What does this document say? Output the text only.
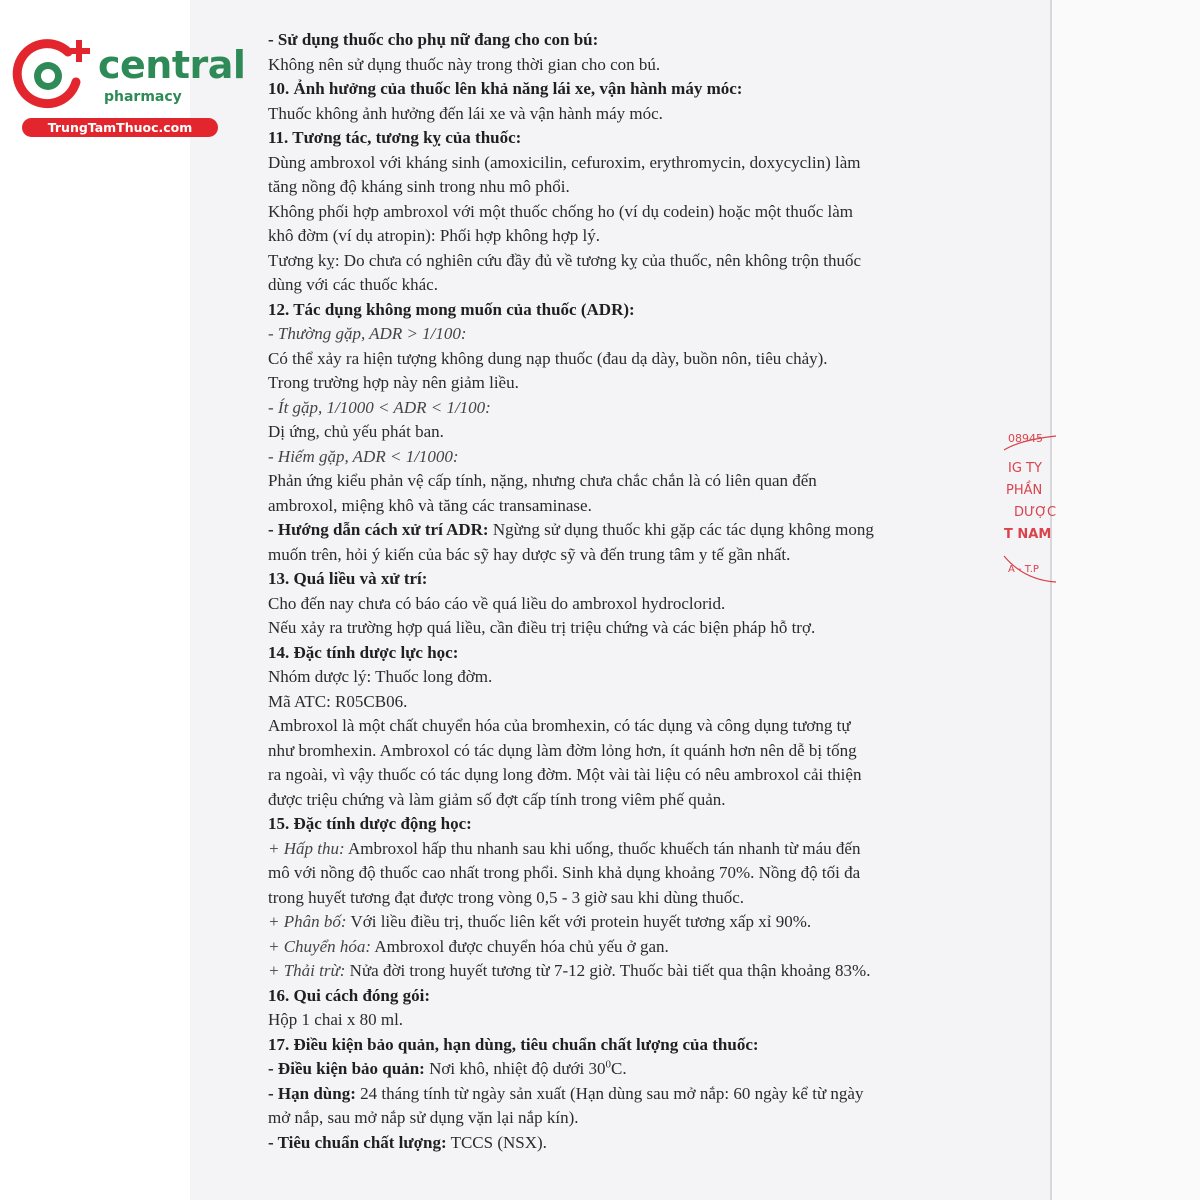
central
pharmacy
TrungTamThuoc.com
08945
IG TY
PHẦN
DƯỢC
T NAM
A - T.P

- Sử dụng thuốc cho phụ nữ đang cho con bú:

Không nên sử dụng thuốc này trong thời gian cho con bú.

10. Ảnh hưởng của thuốc lên khả năng lái xe, vận hành máy móc:

Thuốc không ảnh hưởng đến lái xe và vận hành máy móc.

11. Tương tác, tương kỵ của thuốc:

Dùng ambroxol với kháng sinh (amoxicilin, cefuroxim, erythromycin, doxycyclin) làm

tăng nồng độ kháng sinh trong nhu mô phổi.

Không phối hợp ambroxol với một thuốc chống ho (ví dụ codein) hoặc một thuốc làm

khô đờm (ví dụ atropin): Phối hợp không hợp lý.

Tương kỵ: Do chưa có nghiên cứu đầy đủ về tương kỵ của thuốc, nên không trộn thuốc

dùng với các thuốc khác.

12. Tác dụng không mong muốn của thuốc (ADR):

- Thường gặp, ADR > 1/100:

Có thể xảy ra hiện tượng không dung nạp thuốc (đau dạ dày, buồn nôn, tiêu chảy).

Trong trường hợp này nên giảm liều.

- Ít gặp, 1/1000 < ADR < 1/100:

Dị ứng, chủ yếu phát ban.

- Hiếm gặp, ADR < 1/1000:

Phản ứng kiểu phản vệ cấp tính, nặng, nhưng chưa chắc chắn là có liên quan đến

ambroxol, miệng khô và tăng các transaminase.

- Hướng dẫn cách xử trí ADR: Ngừng sử dụng thuốc khi gặp các tác dụng không mong

muốn trên, hỏi ý kiến của bác sỹ hay dược sỹ và đến trung tâm y tế gần nhất.

13. Quá liều và xử trí:

Cho đến nay chưa có báo cáo về quá liều do ambroxol hydroclorid.

Nếu xảy ra trường hợp quá liều, cần điều trị triệu chứng và các biện pháp hỗ trợ.

14. Đặc tính dược lực học:

Nhóm dược lý: Thuốc long đờm.

Mã ATC: R05CB06.

Ambroxol là một chất chuyển hóa của bromhexin, có tác dụng và công dụng tương tự

như bromhexin. Ambroxol có tác dụng làm đờm lỏng hơn, ít quánh hơn nên dễ bị tống

ra ngoài, vì vậy thuốc có tác dụng long đờm. Một vài tài liệu có nêu ambroxol cải thiện

được triệu chứng và làm giảm số đợt cấp tính trong viêm phế quản.

15. Đặc tính dược động học:

+ Hấp thu: Ambroxol hấp thu nhanh sau khi uống, thuốc khuếch tán nhanh từ máu đến

mô với nồng độ thuốc cao nhất trong phổi. Sinh khả dụng khoảng 70%. Nồng độ tối đa

trong huyết tương đạt được trong vòng 0,5 - 3 giờ sau khi dùng thuốc.

+ Phân bố: Với liều điều trị, thuốc liên kết với protein huyết tương xấp xỉ 90%.

+ Chuyển hóa: Ambroxol được chuyển hóa chủ yếu ở gan.

+ Thải trừ: Nửa đời trong huyết tương từ 7-12 giờ. Thuốc bài tiết qua thận khoảng 83%.

16. Qui cách đóng gói:

Hộp 1 chai x 80 ml.

17. Điều kiện bảo quản, hạn dùng, tiêu chuẩn chất lượng của thuốc:

- Điều kiện bảo quản: Nơi khô, nhiệt độ dưới $30^0C$.

- Hạn dùng: 24 tháng tính từ ngày sản xuất (Hạn dùng sau mở nắp: 60 ngày kể từ ngày

mở nắp, sau mở nắp sử dụng vặn lại nắp kín).

- Tiêu chuẩn chất lượng: TCCS (NSX).
